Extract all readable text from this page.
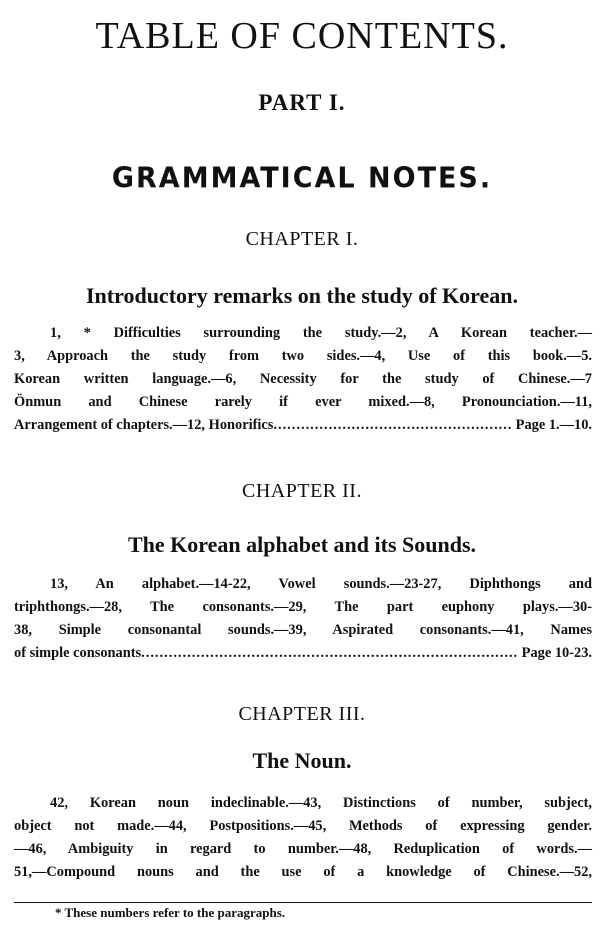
TABLE OF CONTENTS.
PART I.
GRAMMATICAL NOTES.
CHAPTER I.
Introductory remarks on the study of Korean.
1, * Difficulties surrounding the study.—2, A Korean teacher.—
3, Approach the study from two sides.—4, Use of this book.—5.
Korean written language.—6, Necessity for the study of Chinese.—7
Önmun and Chinese rarely if ever mixed.—8, Pronounciation.—11,
Arrangement of chapters.—12, Honorifics .....	Page 1.—10.
CHAPTER II.
The Korean alphabet and its Sounds.
13, An alphabet.—14-22, Vowel sounds.—23-27, Diphthongs and
triphthongs.—28, The consonants.—29, The part euphony plays.—30-
38, Simple consonantal sounds.—39, Aspirated consonants.—41, Names
of simple consonants .....	Page 10-23.
CHAPTER III.
The Noun.
42, Korean noun indeclinable.—43, Distinctions of number, subject,
object not made.—44, Postpositions.—45, Methods of expressing gender.
—46, Ambiguity in regard to number.—48, Reduplication of words.—
51,—Compound nouns and the use of a knowledge of Chinese.—52,

* These numbers refer to the paragraphs.
